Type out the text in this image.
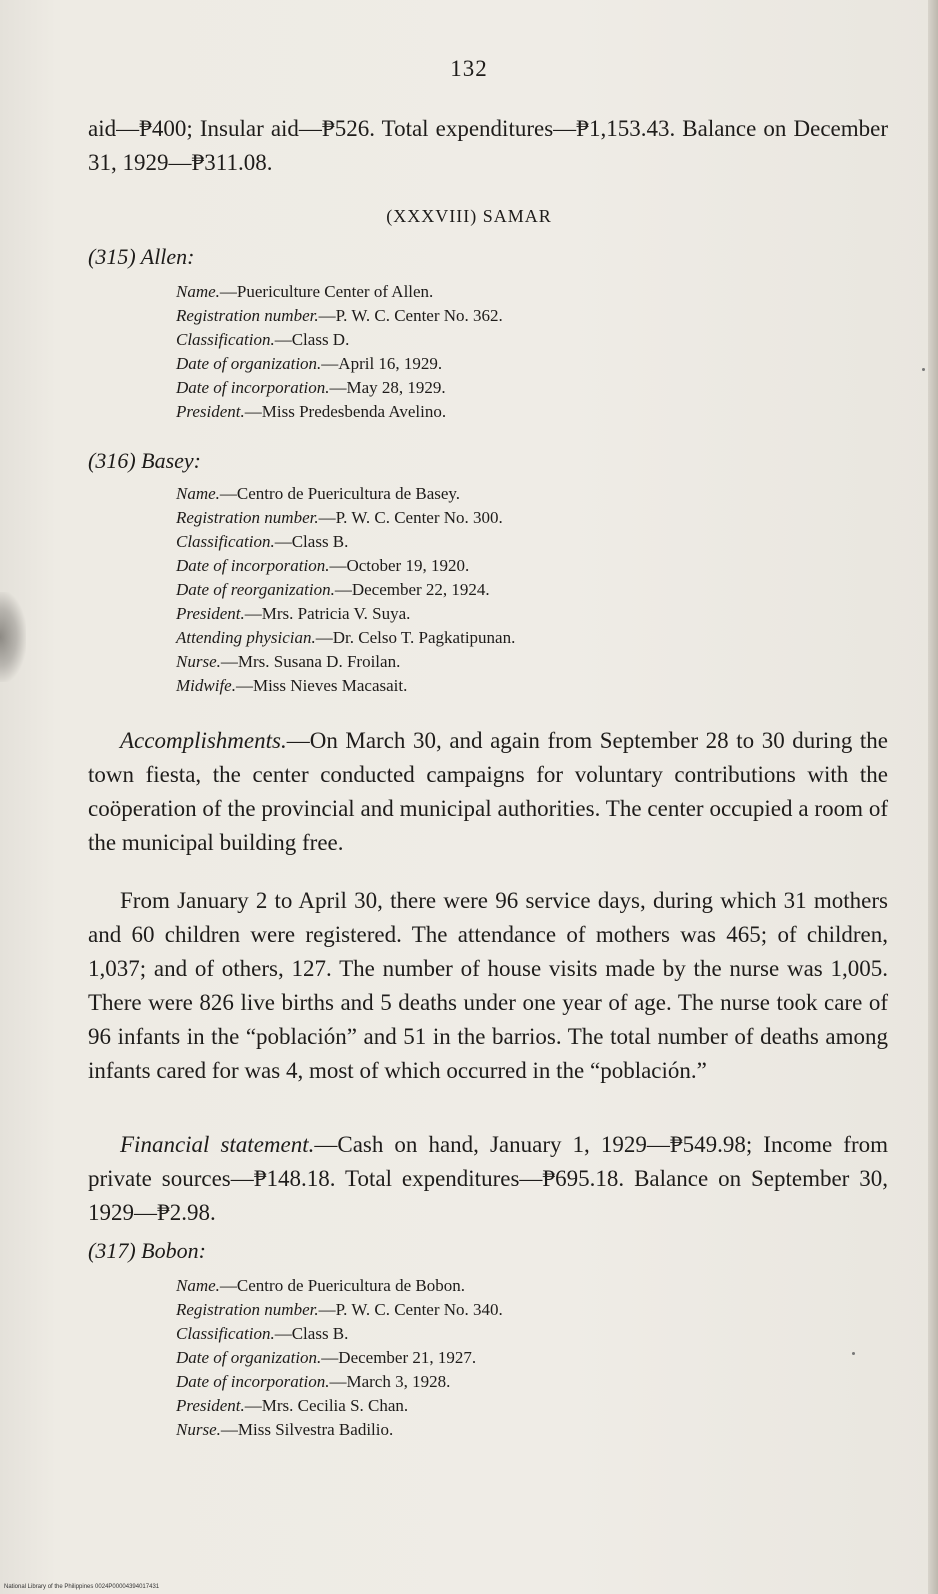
132
aid—₱400; Insular aid—₱526. Total expenditures—₱1,153.43. Balance on December 31, 1929—₱311.08.
(XXXVIII) SAMAR
(315) Allen:
Name.—Puericulture Center of Allen.
Registration number.—P. W. C. Center No. 362.
Classification.—Class D.
Date of organization.—April 16, 1929.
Date of incorporation.—May 28, 1929.
President.—Miss Predesbenda Avelino.
(316) Basey:
Name.—Centro de Puericultura de Basey.
Registration number.—P. W. C. Center No. 300.
Classification.—Class B.
Date of incorporation.—October 19, 1920.
Date of reorganization.—December 22, 1924.
President.—Mrs. Patricia V. Suya.
Attending physician.—Dr. Celso T. Pagkatipunan.
Nurse.—Mrs. Susana D. Froilan.
Midwife.—Miss Nieves Macasait.
Accomplishments.—On March 30, and again from September 28 to 30 during the town fiesta, the center conducted campaigns for voluntary contributions with the coöperation of the provincial and municipal authorities. The center occupied a room of the municipal building free.
From January 2 to April 30, there were 96 service days, during which 31 mothers and 60 children were registered. The attendance of mothers was 465; of children, 1,037; and of others, 127. The number of house visits made by the nurse was 1,005. There were 826 live births and 5 deaths under one year of age. The nurse took care of 96 infants in the “población” and 51 in the barrios. The total number of deaths among infants cared for was 4, most of which occurred in the “población.”
Financial statement.—Cash on hand, January 1, 1929—₱549.98; Income from private sources—₱148.18. Total expenditures—₱695.18. Balance on September 30, 1929—₱2.98.
(317) Bobon:
Name.—Centro de Puericultura de Bobon.
Registration number.—P. W. C. Center No. 340.
Classification.—Class B.
Date of organization.—December 21, 1927.
Date of incorporation.—March 3, 1928.
President.—Mrs. Cecilia S. Chan.
Nurse.—Miss Silvestra Badilio.
National Library of the Philippines 0024P00004394017431
